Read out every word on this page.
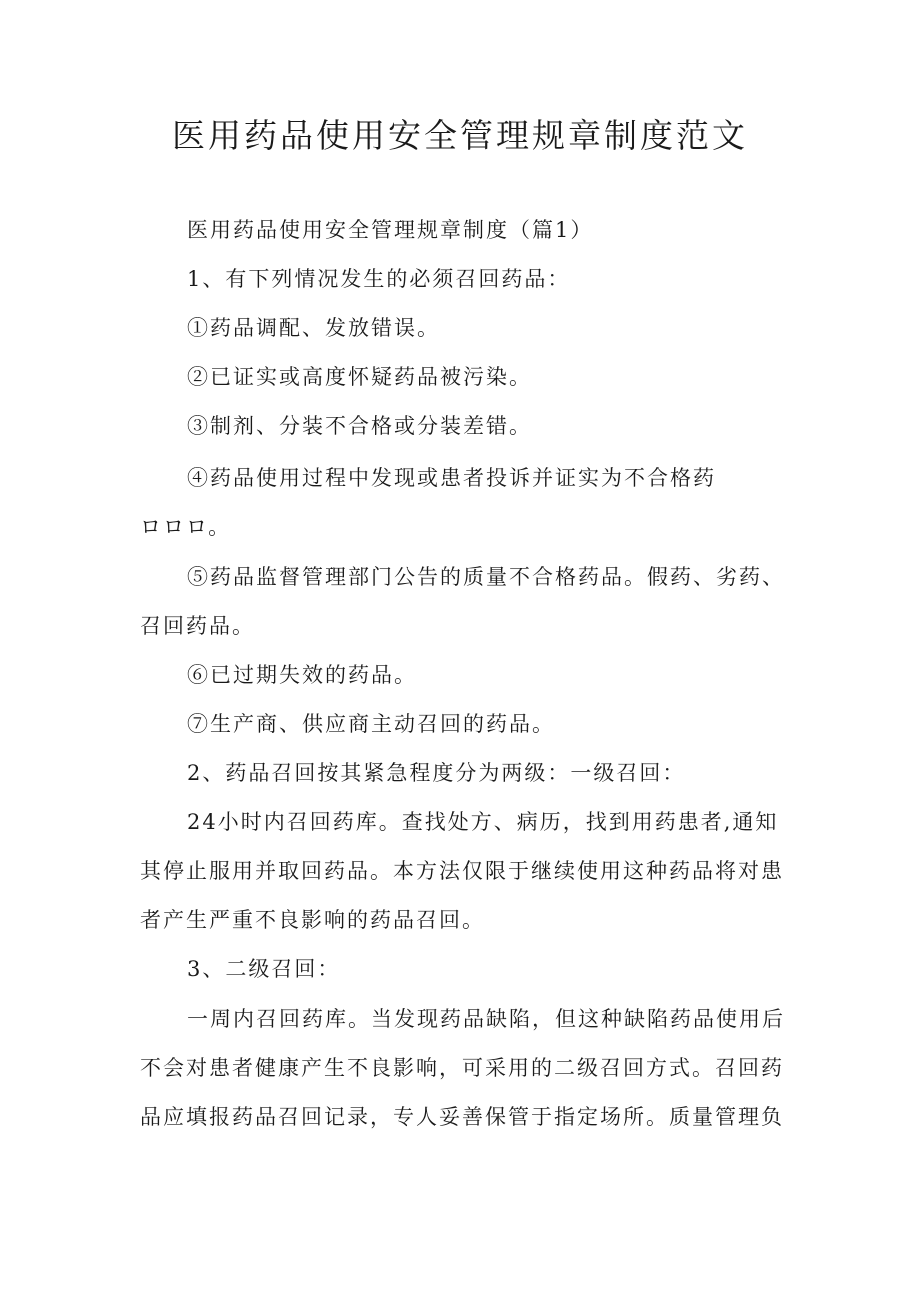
医用药品使用安全管理规章制度范文
医用药品使用安全管理规章制度（篇1）
1、有下列情况发生的必须召回药品：
①药品调配、发放错误。
②已证实或高度怀疑药品被污染。
③制剂、分装不合格或分装差错。
④药品使用过程中发现或患者投诉并证实为不合格药
ロロロ。
⑤药品监督管理部门公告的质量不合格药品。假药、劣药、
召回药品。
⑥已过期失效的药品。
⑦生产商、供应商主动召回的药品。
2、药品召回按其紧急程度分为两级：一级召回：
24小时内召回药库。查找处方、病历，找到用药患者,通知
其停止服用并取回药品。本方法仅限于继续使用这种药品将对患
者产生严重不良影响的药品召回。
3、二级召回：
一周内召回药库。当发现药品缺陷，但这种缺陷药品使用后
不会对患者健康产生不良影响，可采用的二级召回方式。召回药
品应填报药品召回记录，专人妥善保管于指定场所。质量管理负
